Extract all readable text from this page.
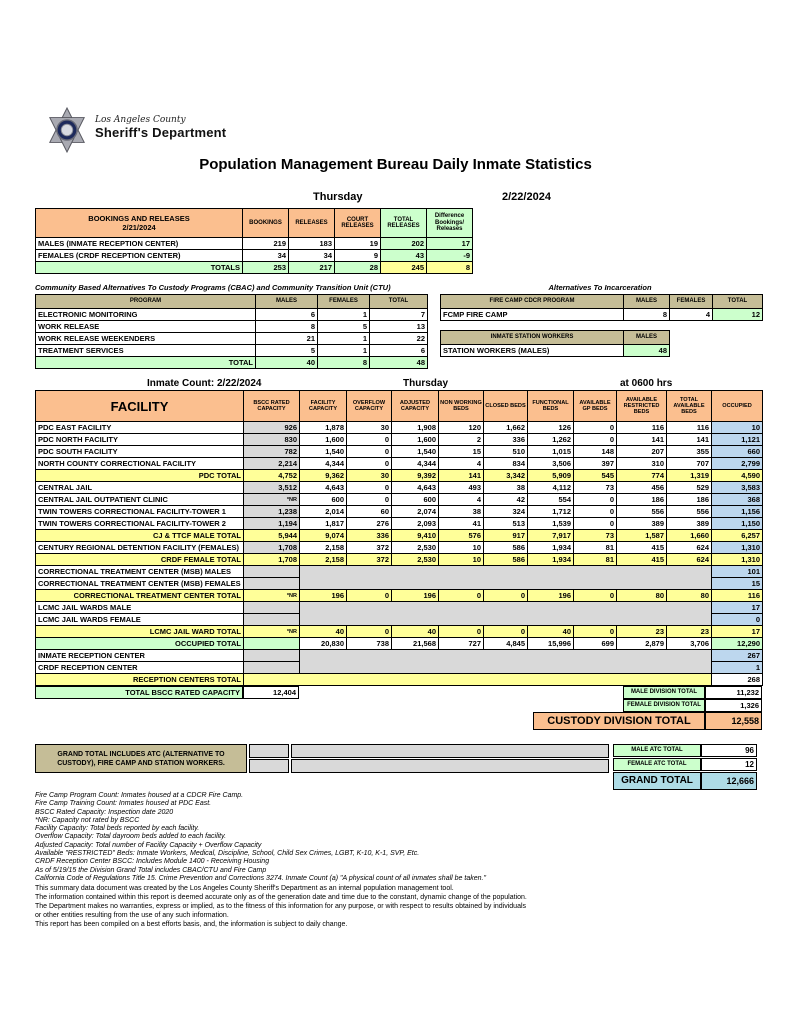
Los Angeles County
Sheriff's Department
Population Management Bureau Daily Inmate Statistics
Thursday	2/22/2024
BOOKINGS AND RELEASES
2/21/2024	BOOKINGS	RELEASES	COURT RELEASES	TOTAL RELEASES	Difference Bookings/ Releases
MALES (INMATE RECEPTION CENTER)	219	183	19	202	17
FEMALES (CRDF RECEPTION CENTER)	34	34	9	43	-9
TOTALS	253	217	28	245	8
Community Based Alternatives To Custody Programs (CBAC) and Community Transition Unit (CTU)
PROGRAM	MALES	FEMALES	TOTAL
ELECTRONIC MONITORING	6	1	7
WORK RELEASE	8	5	13
WORK RELEASE WEEKENDERS	21	1	22
TREATMENT SERVICES	5	1	6
TOTAL	40	8	48
Alternatives To Incarceration
FIRE CAMP CDCR PROGRAM	MALES	FEMALES	TOTAL
FCMP FIRE CAMP	8	4	12
INMATE STATION WORKERS	MALES
STATION WORKERS (MALES)	48
Inmate Count: 2/22/2024	Thursday	at 0600 hrs
FACILITY	BSCC RATED CAPACITY	FACILITY CAPACITY	OVERFLOW CAPACITY	ADJUSTED CAPACITY	NON WORKING BEDS	CLOSED BEDS	FUNCTIONAL BEDS	AVAILABLE GP BEDS	AVAILABLE RESTRICTED BEDS	TOTAL AVAILABLE BEDS	OCCUPIED
PDC EAST FACILITY	926	1,878	30	1,908	120	1,662	126	0	116	116	10
PDC NORTH FACILITY	830	1,600	0	1,600	2	336	1,262	0	141	141	1,121
PDC SOUTH FACILITY	782	1,540	0	1,540	15	510	1,015	148	207	355	660
NORTH COUNTY CORRECTIONAL FACILITY	2,214	4,344	0	4,344	4	834	3,506	397	310	707	2,799
PDC TOTAL	4,752	9,362	30	9,392	141	3,342	5,909	545	774	1,319	4,590
CENTRAL JAIL	3,512	4,643	0	4,643	493	38	4,112	73	456	529	3,583
CENTRAL JAIL OUTPATIENT CLINIC	*NR	600	0	600	4	42	554	0	186	186	368
TWIN TOWERS CORRECTIONAL FACILITY-TOWER 1	1,238	2,014	60	2,074	38	324	1,712	0	556	556	1,156
TWIN TOWERS CORRECTIONAL FACILITY-TOWER 2	1,194	1,817	276	2,093	41	513	1,539	0	389	389	1,150
CJ & TTCF MALE TOTAL	5,944	9,074	336	9,410	576	917	7,917	73	1,587	1,660	6,257
CENTURY REGIONAL DETENTION FACILITY (FEMALES)	1,708	2,158	372	2,530	10	586	1,934	81	415	624	1,310
CRDF FEMALE TOTAL	1,708	2,158	372	2,530	10	586	1,934	81	415	624	1,310
CORRECTIONAL TREATMENT CENTER (MSB) MALES											101
CORRECTIONAL TREATMENT CENTER (MSB) FEMALES											15
CORRECTIONAL TREATMENT CENTER TOTAL	*NR	196	0	196	0	0	196	0	80	80	116
LCMC JAIL WARDS MALE											17
LCMC JAIL WARDS FEMALE											0
LCMC JAIL WARD TOTAL	*NR	40	0	40	0	0	40	0	23	23	17
OCCUPIED TOTAL		20,830	738	21,568	727	4,845	15,996	699	2,879	3,706	12,290
INMATE RECEPTION CENTER											267
CRDF RECEPTION CENTER											1
RECEPTION CENTERS TOTAL											268
TOTAL BSCC RATED CAPACITY	12,404	MALE DIVISION TOTAL	11,232
FEMALE DIVISION TOTAL	1,326
CUSTODY DIVISION TOTAL	12,558
GRAND TOTAL INCLUDES ATC (ALTERNATIVE TO CUSTODY), FIRE CAMP AND STATION WORKERS.
MALE ATC TOTAL	96
FEMALE ATC TOTAL	12
GRAND TOTAL	12,666
Fire Camp Program Count: Inmates housed at a CDCR Fire Camp.
Fire Camp Training Count: Inmates housed at PDC East.
BSCC Rated Capacity: Inspection date 2020
*NR: Capacity not rated by BSCC
Facility Capacity: Total beds reported by each facility.
Overflow Capacity: Total dayroom beds added to each facility.
Adjusted Capacity: Total number of Facility Capacity + Overflow Capacity
Available "RESTRICTED" Beds: Inmate Workers, Medical, Discipline, School, Child Sex Crimes, LGBT, K-10, K-1, SVP, Etc.
CRDF Reception Center BSCC: Includes Module 1400 - Receiving Housing
As of 5/19/15 the Division Grand Total includes CBAC/CTU and Fire Camp
California Code of Regulations Title 15. Crime Prevention and Corrections 3274. Inmate Count (a) "A physical count of all inmates shall be taken."
This summary data document was created by the Los Angeles County Sheriff's Department as an internal population management tool.
The information contained within this report is deemed accurate only as of the generation date and time due to the constant, dynamic change of the population.
The Department makes no warranties, express or implied, as to the fitness of this information for any purpose, or with respect to results obtained by individuals
or other entities resulting from the use of any such information.
This report has been compiled on a best efforts basis, and, the information is subject to daily change.
